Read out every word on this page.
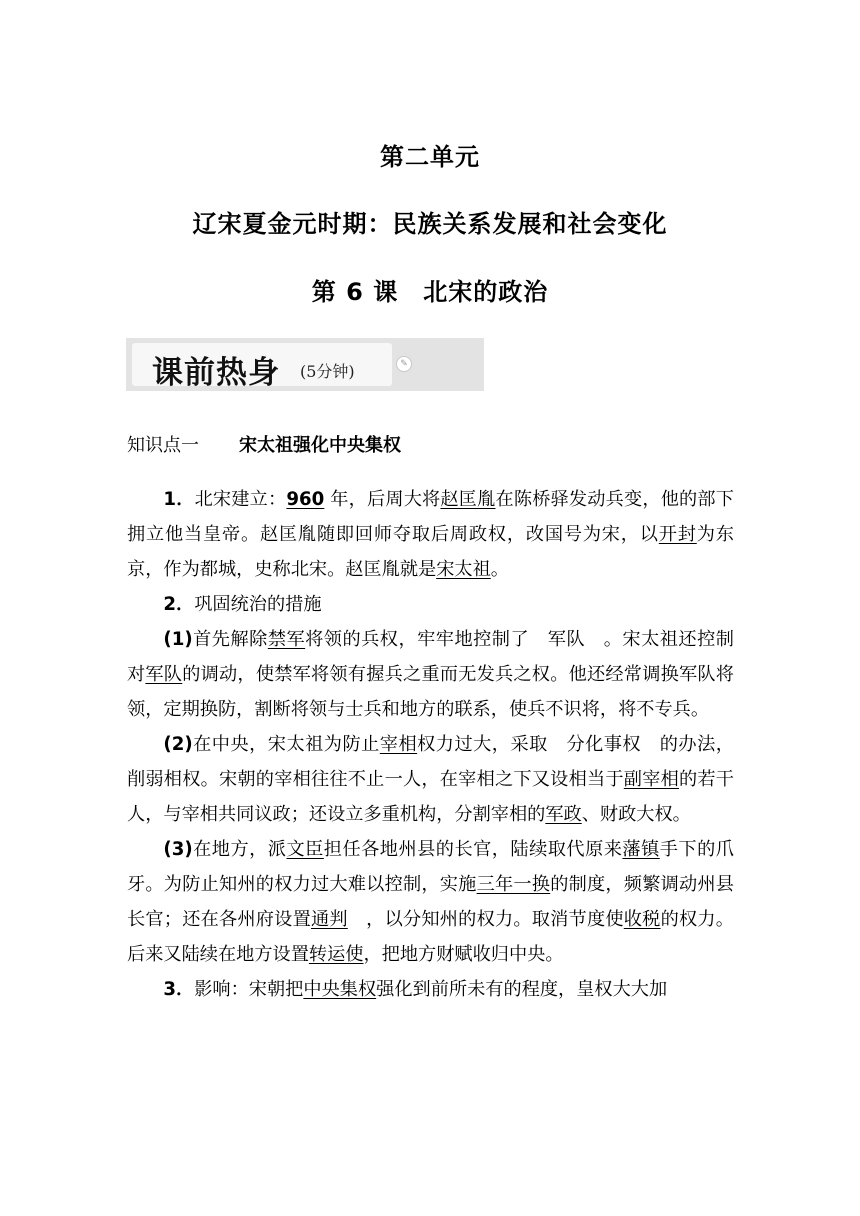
第二单元
辽宋夏金元时期：民族关系发展和社会变化
第 6 课　北宋的政治
课前热身 (5分钟)	✎
知识点一 宋太祖强化中央集权

1．北宋建立：960 年，后周大将赵匡胤在陈桥驿发动兵变，他的部下拥立他当皇帝。赵匡胤随即回师夺取后周政权，改国号为宋，以开封为东京，作为都城，史称北宋。赵匡胤就是宋太祖。

2．巩固统治的措施

(1)首先解除禁军将领的兵权，牢牢地控制了　军队　。宋太祖还控制对军队的调动，使禁军将领有握兵之重而无发兵之权。他还经常调换军队将领，定期换防，割断将领与士兵和地方的联系，使兵不识将，将不专兵。

(2)在中央，宋太祖为防止宰相权力过大，采取　分化事权　的办法，削弱相权。宋朝的宰相往往不止一人，在宰相之下又设相当于副宰相的若干人，与宰相共同议政；还设立多重机构，分割宰相的军政、财政大权。

(3)在地方，派文臣担任各地州县的长官，陆续取代原来藩镇手下的爪牙。为防止知州的权力过大难以控制，实施三年一换的制度，频繁调动州县长官；还在各州府设置通判　，以分知州的权力。取消节度使收税的权力。后来又陆续在地方设置转运使，把地方财赋收归中央。

3．影响：宋朝把中央集权强化到前所未有的程度，皇权大大加
